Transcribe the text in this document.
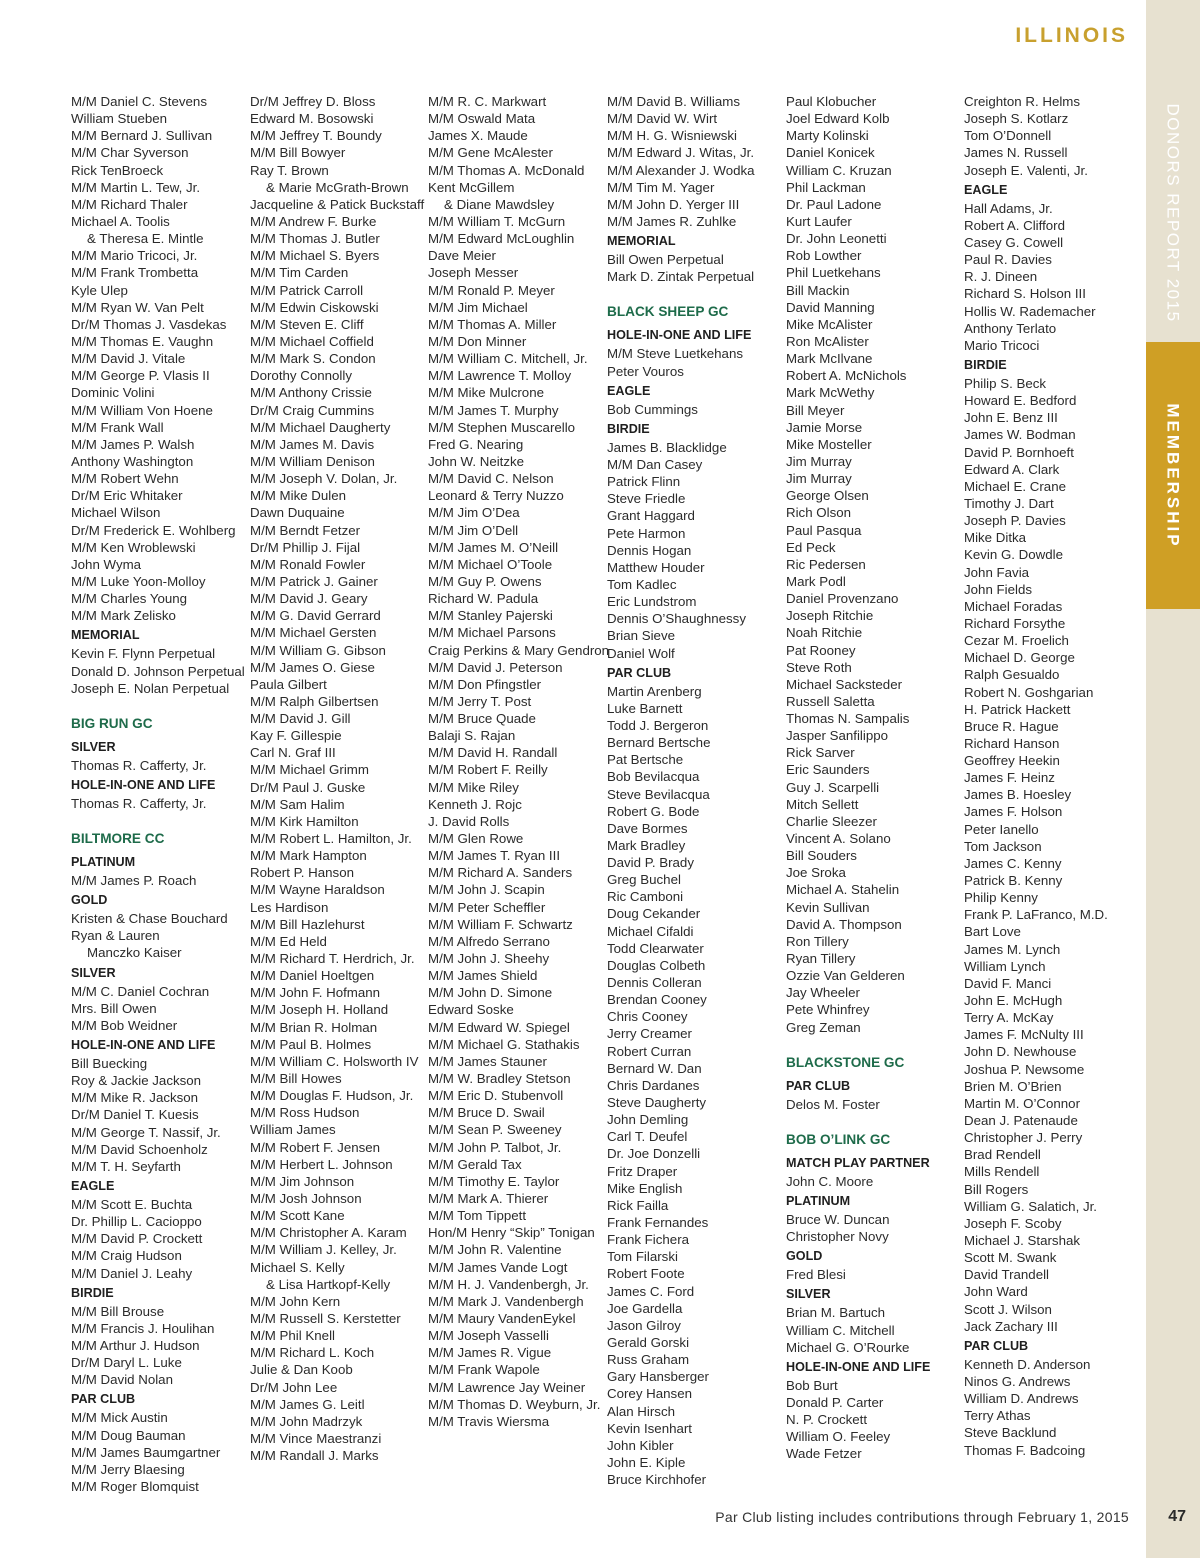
ILLINOIS
DONORS REPORT 2015
MEMBERSHIP
M/M Daniel C. Stevens
William Stueben
M/M Bernard J. Sullivan
M/M Char Syverson
Rick TenBroeck
M/M Martin L. Tew, Jr.
M/M Richard Thaler
Michael A. Toolis
& Theresa E. Mintle
M/M Mario Tricoci, Jr.
M/M Frank Trombetta
Kyle Ulep
M/M Ryan W. Van Pelt
Dr/M Thomas J. Vasdekas
M/M Thomas E. Vaughn
M/M David J. Vitale
M/M George P. Vlasis II
Dominic Volini
M/M William Von Hoene
M/M Frank Wall
M/M James P. Walsh
Anthony Washington
M/M Robert Wehn
Dr/M Eric Whitaker
Michael Wilson
Dr/M Frederick E. Wohlberg
M/M Ken Wroblewski
John Wyma
M/M Luke Yoon-Molloy
M/M Charles Young
M/M Mark Zelisko
MEMORIAL
Kevin F. Flynn Perpetual
Donald D. Johnson Perpetual
Joseph E. Nolan Perpetual
BIG RUN GC
SILVER
Thomas R. Cafferty, Jr.
HOLE-IN-ONE AND LIFE
Thomas R. Cafferty, Jr.
BILTMORE CC
PLATINUM
M/M James P. Roach
GOLD
Kristen & Chase Bouchard
Ryan & Lauren
Manczko Kaiser
SILVER
M/M C. Daniel Cochran
Mrs. Bill Owen
M/M Bob Weidner
HOLE-IN-ONE AND LIFE
Bill Buecking
Roy & Jackie Jackson
M/M Mike R. Jackson
Dr/M Daniel T. Kuesis
M/M George T. Nassif, Jr.
M/M David Schoenholz
M/M T. H. Seyfarth
EAGLE
M/M Scott E. Buchta
Dr. Phillip L. Cacioppo
M/M David P. Crockett
M/M Craig Hudson
M/M Daniel J. Leahy
BIRDIE
M/M Bill Brouse
M/M Francis J. Houlihan
M/M Arthur J. Hudson
Dr/M Daryl L. Luke
M/M David Nolan
PAR CLUB
M/M Mick Austin
M/M Doug Bauman
M/M James Baumgartner
M/M Jerry Blaesing
M/M Roger Blomquist
Dr/M Jeffrey D. Bloss
Edward M. Bosowski
M/M Jeffrey T. Boundy
M/M Bill Bowyer
Ray T. Brown
& Marie McGrath-Brown
Jacqueline & Patick Buckstaff
M/M Andrew F. Burke
M/M Thomas J. Butler
M/M Michael S. Byers
M/M Tim Carden
M/M Patrick Carroll
M/M Edwin Ciskowski
M/M Steven E. Cliff
M/M Michael Coffield
M/M Mark S. Condon
Dorothy Connolly
M/M Anthony Crissie
Dr/M Craig Cummins
M/M Michael Daugherty
M/M James M. Davis
M/M William Denison
M/M Joseph V. Dolan, Jr.
M/M Mike Dulen
Dawn Duquaine
M/M Berndt Fetzer
Dr/M Phillip J. Fijal
M/M Ronald Fowler
M/M Patrick J. Gainer
M/M David J. Geary
M/M G. David Gerrard
M/M Michael Gersten
M/M William G. Gibson
M/M James O. Giese
Paula Gilbert
M/M Ralph Gilbertsen
M/M David J. Gill
Kay F. Gillespie
Carl N. Graf III
M/M Michael Grimm
Dr/M Paul J. Guske
M/M Sam Halim
M/M Kirk Hamilton
M/M Robert L. Hamilton, Jr.
M/M Mark Hampton
Robert P. Hanson
M/M Wayne Haraldson
Les Hardison
M/M Bill Hazlehurst
M/M Ed Held
M/M Richard T. Herdrich, Jr.
M/M Daniel Hoeltgen
M/M John F. Hofmann
M/M Joseph H. Holland
M/M Brian R. Holman
M/M Paul B. Holmes
M/M William C. Holsworth IV
M/M Bill Howes
M/M Douglas F. Hudson, Jr.
M/M Ross Hudson
William James
M/M Robert F. Jensen
M/M Herbert L. Johnson
M/M Jim Johnson
M/M Josh Johnson
M/M Scott Kane
M/M Christopher A. Karam
M/M William J. Kelley, Jr.
Michael S. Kelly
& Lisa Hartkopf-Kelly
M/M John Kern
M/M Russell S. Kerstetter
M/M Phil Knell
M/M Richard L. Koch
Julie & Dan Koob
Dr/M John Lee
M/M James G. Leitl
M/M John Madrzyk
M/M Vince Maestranzi
M/M Randall J. Marks
M/M R. C. Markwart
M/M Oswald Mata
James X. Maude
M/M Gene McAlester
M/M Thomas A. McDonald
Kent McGillem
& Diane Mawdsley
M/M William T. McGurn
M/M Edward McLoughlin
Dave Meier
Joseph Messer
M/M Ronald P. Meyer
M/M Jim Michael
M/M Thomas A. Miller
M/M Don Minner
M/M William C. Mitchell, Jr.
M/M Lawrence T. Molloy
M/M Mike Mulcrone
M/M James T. Murphy
M/M Stephen Muscarello
Fred G. Nearing
John W. Neitzke
M/M David C. Nelson
Leonard & Terry Nuzzo
M/M Jim O’Dea
M/M Jim O’Dell
M/M James M. O’Neill
M/M Michael O’Toole
M/M Guy P. Owens
Richard W. Padula
M/M Stanley Pajerski
M/M Michael Parsons
Craig Perkins & Mary Gendron
M/M David J. Peterson
M/M Don Pfingstler
M/M Jerry T. Post
M/M Bruce Quade
Balaji S. Rajan
M/M David H. Randall
M/M Robert F. Reilly
M/M Mike Riley
Kenneth J. Rojc
J. David Rolls
M/M Glen Rowe
M/M James T. Ryan III
M/M Richard A. Sanders
M/M John J. Scapin
M/M Peter Scheffler
M/M William F. Schwartz
M/M Alfredo Serrano
M/M John J. Sheehy
M/M James Shield
M/M John D. Simone
Edward Soske
M/M Edward W. Spiegel
M/M Michael G. Stathakis
M/M James Stauner
M/M W. Bradley Stetson
M/M Eric D. Stubenvoll
M/M Bruce D. Swail
M/M Sean P. Sweeney
M/M John P. Talbot, Jr.
M/M Gerald Tax
M/M Timothy E. Taylor
M/M Mark A. Thierer
M/M Tom Tippett
Hon/M Henry “Skip” Tonigan
M/M John R. Valentine
M/M James Vande Logt
M/M H. J. Vandenbergh, Jr.
M/M Mark J. Vandenbergh
M/M Maury VandenEykel
M/M Joseph Vasselli
M/M James R. Vigue
M/M Frank Wapole
M/M Lawrence Jay Weiner
M/M Thomas D. Weyburn, Jr.
M/M Travis Wiersma
M/M David B. Williams
M/M David W. Wirt
M/M H. G. Wisniewski
M/M Edward J. Witas, Jr.
M/M Alexander J. Wodka
M/M Tim M. Yager
M/M John D. Yerger III
M/M James R. Zuhlke
MEMORIAL
Bill Owen Perpetual
Mark D. Zintak Perpetual
BLACK SHEEP GC
HOLE-IN-ONE AND LIFE
M/M Steve Luetkehans
Peter Vouros
EAGLE
Bob Cummings
BIRDIE
James B. Blacklidge
M/M Dan Casey
Patrick Flinn
Steve Friedle
Grant Haggard
Pete Harmon
Dennis Hogan
Matthew Houder
Tom Kadlec
Eric Lundstrom
Dennis O’Shaughnessy
Brian Sieve
Daniel Wolf
PAR CLUB
Martin Arenberg
Luke Barnett
Todd J. Bergeron
Bernard Bertsche
Pat Bertsche
Bob Bevilacqua
Steve Bevilacqua
Robert G. Bode
Dave Bormes
Mark Bradley
David P. Brady
Greg Buchel
Ric Camboni
Doug Cekander
Michael Cifaldi
Todd Clearwater
Douglas Colbeth
Dennis Colleran
Brendan Cooney
Chris Cooney
Jerry Creamer
Robert Curran
Bernard W. Dan
Chris Dardanes
Steve Daugherty
John Demling
Carl T. Deufel
Dr. Joe Donzelli
Fritz Draper
Mike English
Rick Failla
Frank Fernandes
Frank Fichera
Tom Filarski
Robert Foote
James C. Ford
Joe Gardella
Jason Gilroy
Gerald Gorski
Russ Graham
Gary Hansberger
Corey Hansen
Alan Hirsch
Kevin Isenhart
John Kibler
John E. Kiple
Bruce Kirchhofer
Paul Klobucher
Joel Edward Kolb
Marty Kolinski
Daniel Konicek
William C. Kruzan
Phil Lackman
Dr. Paul Ladone
Kurt Laufer
Dr. John Leonetti
Rob Lowther
Phil Luetkehans
Bill Mackin
David Manning
Mike McAlister
Ron McAlister
Mark McIlvane
Robert A. McNichols
Mark McWethy
Bill Meyer
Jamie Morse
Mike Mosteller
Jim Murray
Jim Murray
George Olsen
Rich Olson
Paul Pasqua
Ed Peck
Ric Pedersen
Mark Podl
Daniel Provenzano
Joseph Ritchie
Noah Ritchie
Pat Rooney
Steve Roth
Michael Sacksteder
Russell Saletta
Thomas N. Sampalis
Jasper Sanfilippo
Rick Sarver
Eric Saunders
Guy J. Scarpelli
Mitch Sellett
Charlie Sleezer
Vincent A. Solano
Bill Souders
Joe Sroka
Michael A. Stahelin
Kevin Sullivan
David A. Thompson
Ron Tillery
Ryan Tillery
Ozzie Van Gelderen
Jay Wheeler
Pete Whinfrey
Greg Zeman
BLACKSTONE GC
PAR CLUB
Delos M. Foster
BOB O’LINK GC
MATCH PLAY PARTNER
John C. Moore
PLATINUM
Bruce W. Duncan
Christopher Novy
GOLD
Fred Blesi
SILVER
Brian M. Bartuch
William C. Mitchell
Michael G. O’Rourke
HOLE-IN-ONE AND LIFE
Bob Burt
Donald P. Carter
N. P. Crockett
William O. Feeley
Wade Fetzer
Creighton R. Helms
Joseph S. Kotlarz
Tom O’Donnell
James N. Russell
Joseph E. Valenti, Jr.
EAGLE
Hall Adams, Jr.
Robert A. Clifford
Casey G. Cowell
Paul R. Davies
R. J. Dineen
Richard S. Holson III
Hollis W. Rademacher
Anthony Terlato
Mario Tricoci
BIRDIE
Philip S. Beck
Howard E. Bedford
John E. Benz III
James W. Bodman
David P. Bornhoeft
Edward A. Clark
Michael E. Crane
Timothy J. Dart
Joseph P. Davies
Mike Ditka
Kevin G. Dowdle
John Favia
John Fields
Michael Foradas
Richard Forsythe
Cezar M. Froelich
Michael D. George
Ralph Gesualdo
Robert N. Goshgarian
H. Patrick Hackett
Bruce R. Hague
Richard Hanson
Geoffrey Heekin
James F. Heinz
James B. Hoesley
James F. Holson
Peter Ianello
Tom Jackson
James C. Kenny
Patrick B. Kenny
Philip Kenny
Frank P. LaFranco, M.D.
Bart Love
James M. Lynch
William Lynch
David F. Manci
John E. McHugh
Terry A. McKay
James F. McNulty III
John D. Newhouse
Joshua P. Newsome
Brien M. O’Brien
Martin M. O’Connor
Dean J. Patenaude
Christopher J. Perry
Brad Rendell
Mills Rendell
Bill Rogers
William G. Salatich, Jr.
Joseph F. Scoby
Michael J. Starshak
Scott M. Swank
David Trandell
John Ward
Scott J. Wilson
Jack Zachary III
PAR CLUB
Kenneth D. Anderson
Ninos G. Andrews
William D. Andrews
Terry Athas
Steve Backlund
Thomas F. Badcoing
Par Club listing includes contributions through February 1, 2015 47
